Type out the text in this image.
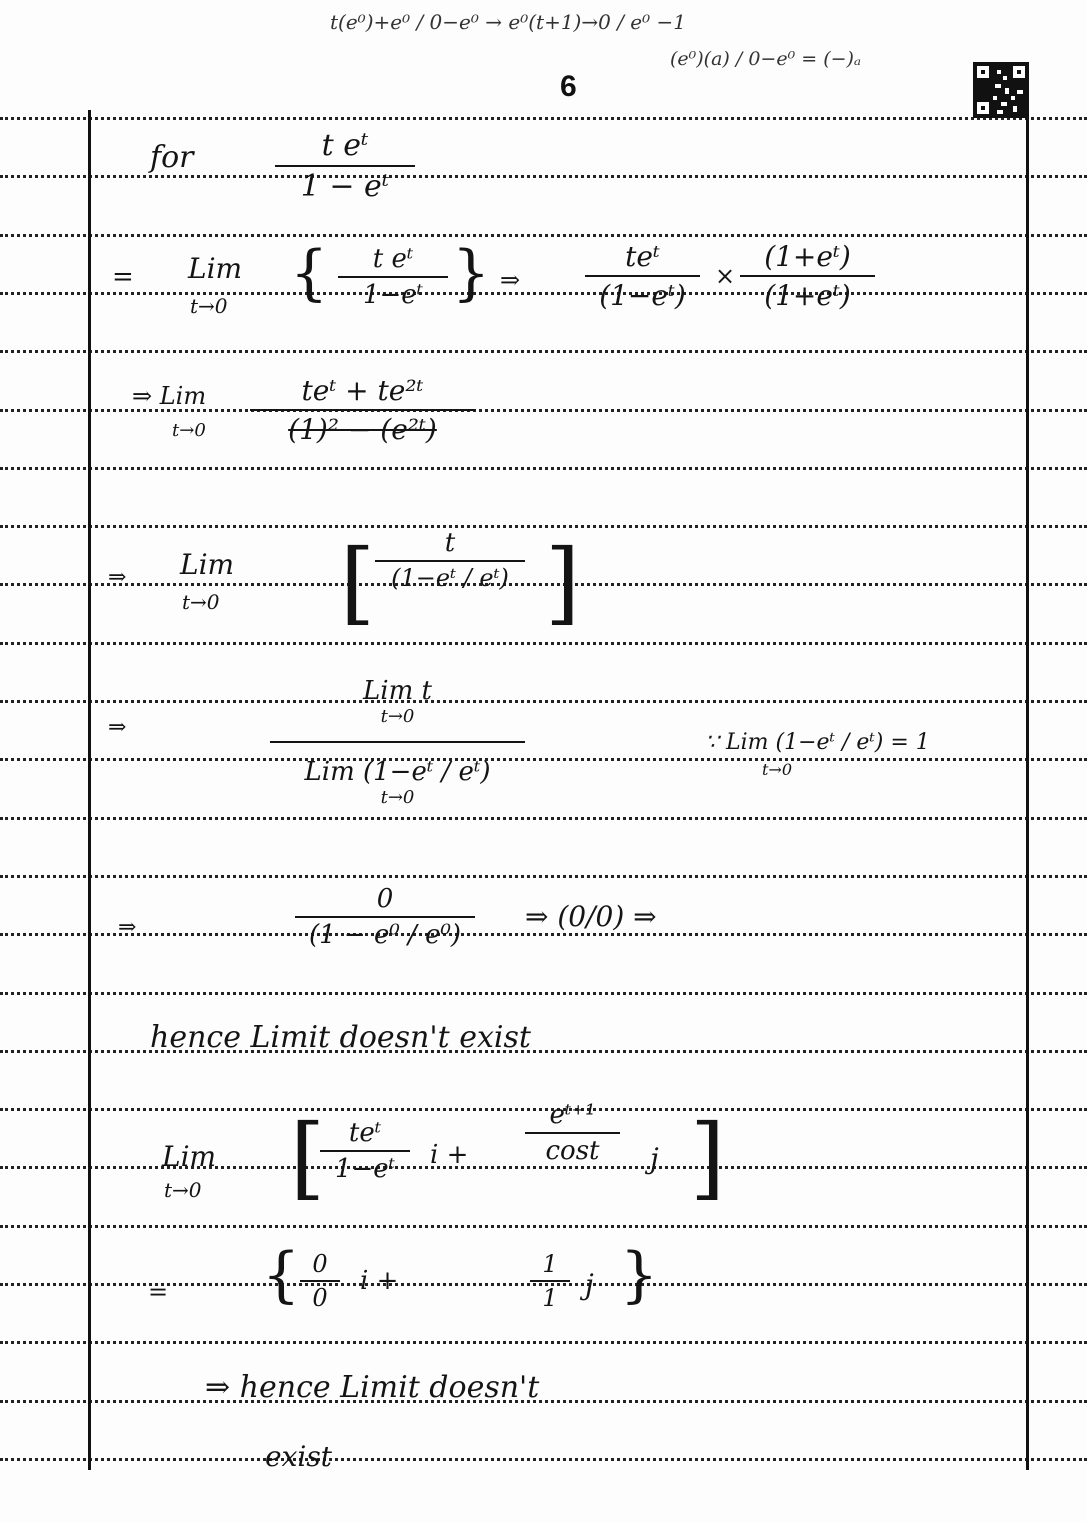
t(e⁰)+e⁰ / 0−e⁰ → e⁰(t+1)→0 / e⁰ −1
(e⁰)(a) / 0−e⁰ = (−)ₐ
6
for	t eᵗ
1 − eᵗ
= Lim
t→0 {	t eᵗ
1−eᵗ } ⇒
teᵗ
(1−eᵗ)
×
(1+eᵗ)
(1+eᵗ)
⇒ Lim
t→0
teᵗ + te²ᵗ
(1)² − (e²ᵗ)
⇒ Lim
t→0 [	t
(1−eᵗ / eᵗ) ]
⇒
Lim t
t→0
Lim (1−eᵗ / eᵗ)
t→0
∵ Lim (1−eᵗ / eᵗ) = 1
t→0
⇒
0
(1 − e⁰ / e⁰)
⇒ (0/0) ⇒
hence Limit doesn't exist
Lim
t→0 [ teᵗ
1−eᵗ	i +
eᵗ⁺¹
cost	j ]
= { 0
0
i +
1
1 j }
⇒ hence Limit doesn't
exist
